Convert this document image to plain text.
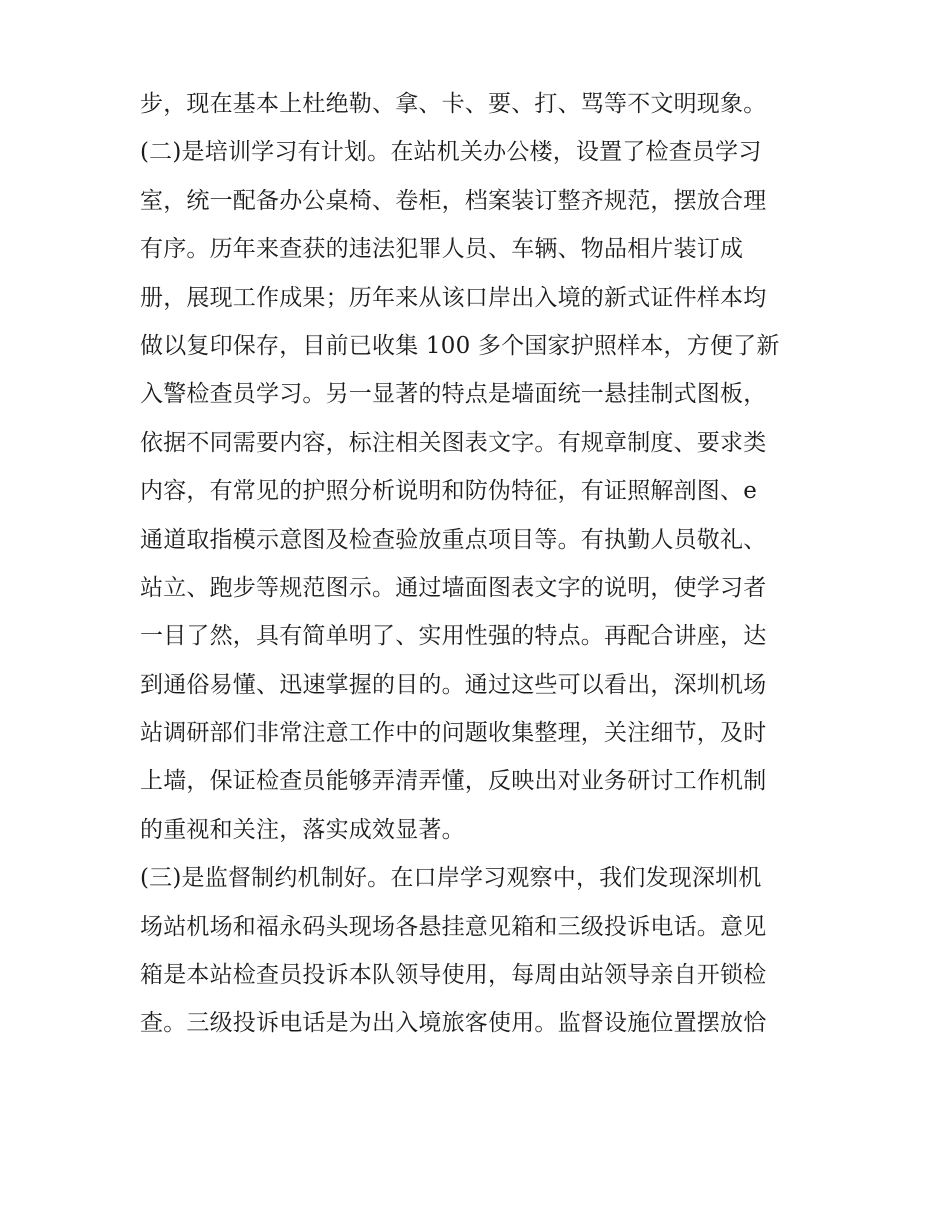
步，现在基本上杜绝勒、拿、卡、要、打、骂等不文明现象。
(二)是培训学习有计划。在站机关办公楼，设置了检查员学习
室，统一配备办公桌椅、卷柜，档案装订整齐规范，摆放合理
有序。历年来查获的违法犯罪人员、车辆、物品相片装订成
册，展现工作成果；历年来从该口岸出入境的新式证件样本均
做以复印保存，目前已收集 100 多个国家护照样本，方便了新
入警检查员学习。另一显著的特点是墙面统一悬挂制式图板，
依据不同需要内容，标注相关图表文字。有规章制度、要求类
内容，有常见的护照分析说明和防伪特征，有证照解剖图、e
通道取指模示意图及检查验放重点项目等。有执勤人员敬礼、
站立、跑步等规范图示。通过墙面图表文字的说明，使学习者
一目了然，具有简单明了、实用性强的特点。再配合讲座，达
到通俗易懂、迅速掌握的目的。通过这些可以看出，深圳机场
站调研部们非常注意工作中的问题收集整理，关注细节，及时
上墙，保证检查员能够弄清弄懂，反映出对业务研讨工作机制
的重视和关注，落实成效显著。
(三)是监督制约机制好。在口岸学习观察中，我们发现深圳机
场站机场和福永码头现场各悬挂意见箱和三级投诉电话。意见
箱是本站检查员投诉本队领导使用，每周由站领导亲自开锁检
查。三级投诉电话是为出入境旅客使用。监督设施位置摆放恰
